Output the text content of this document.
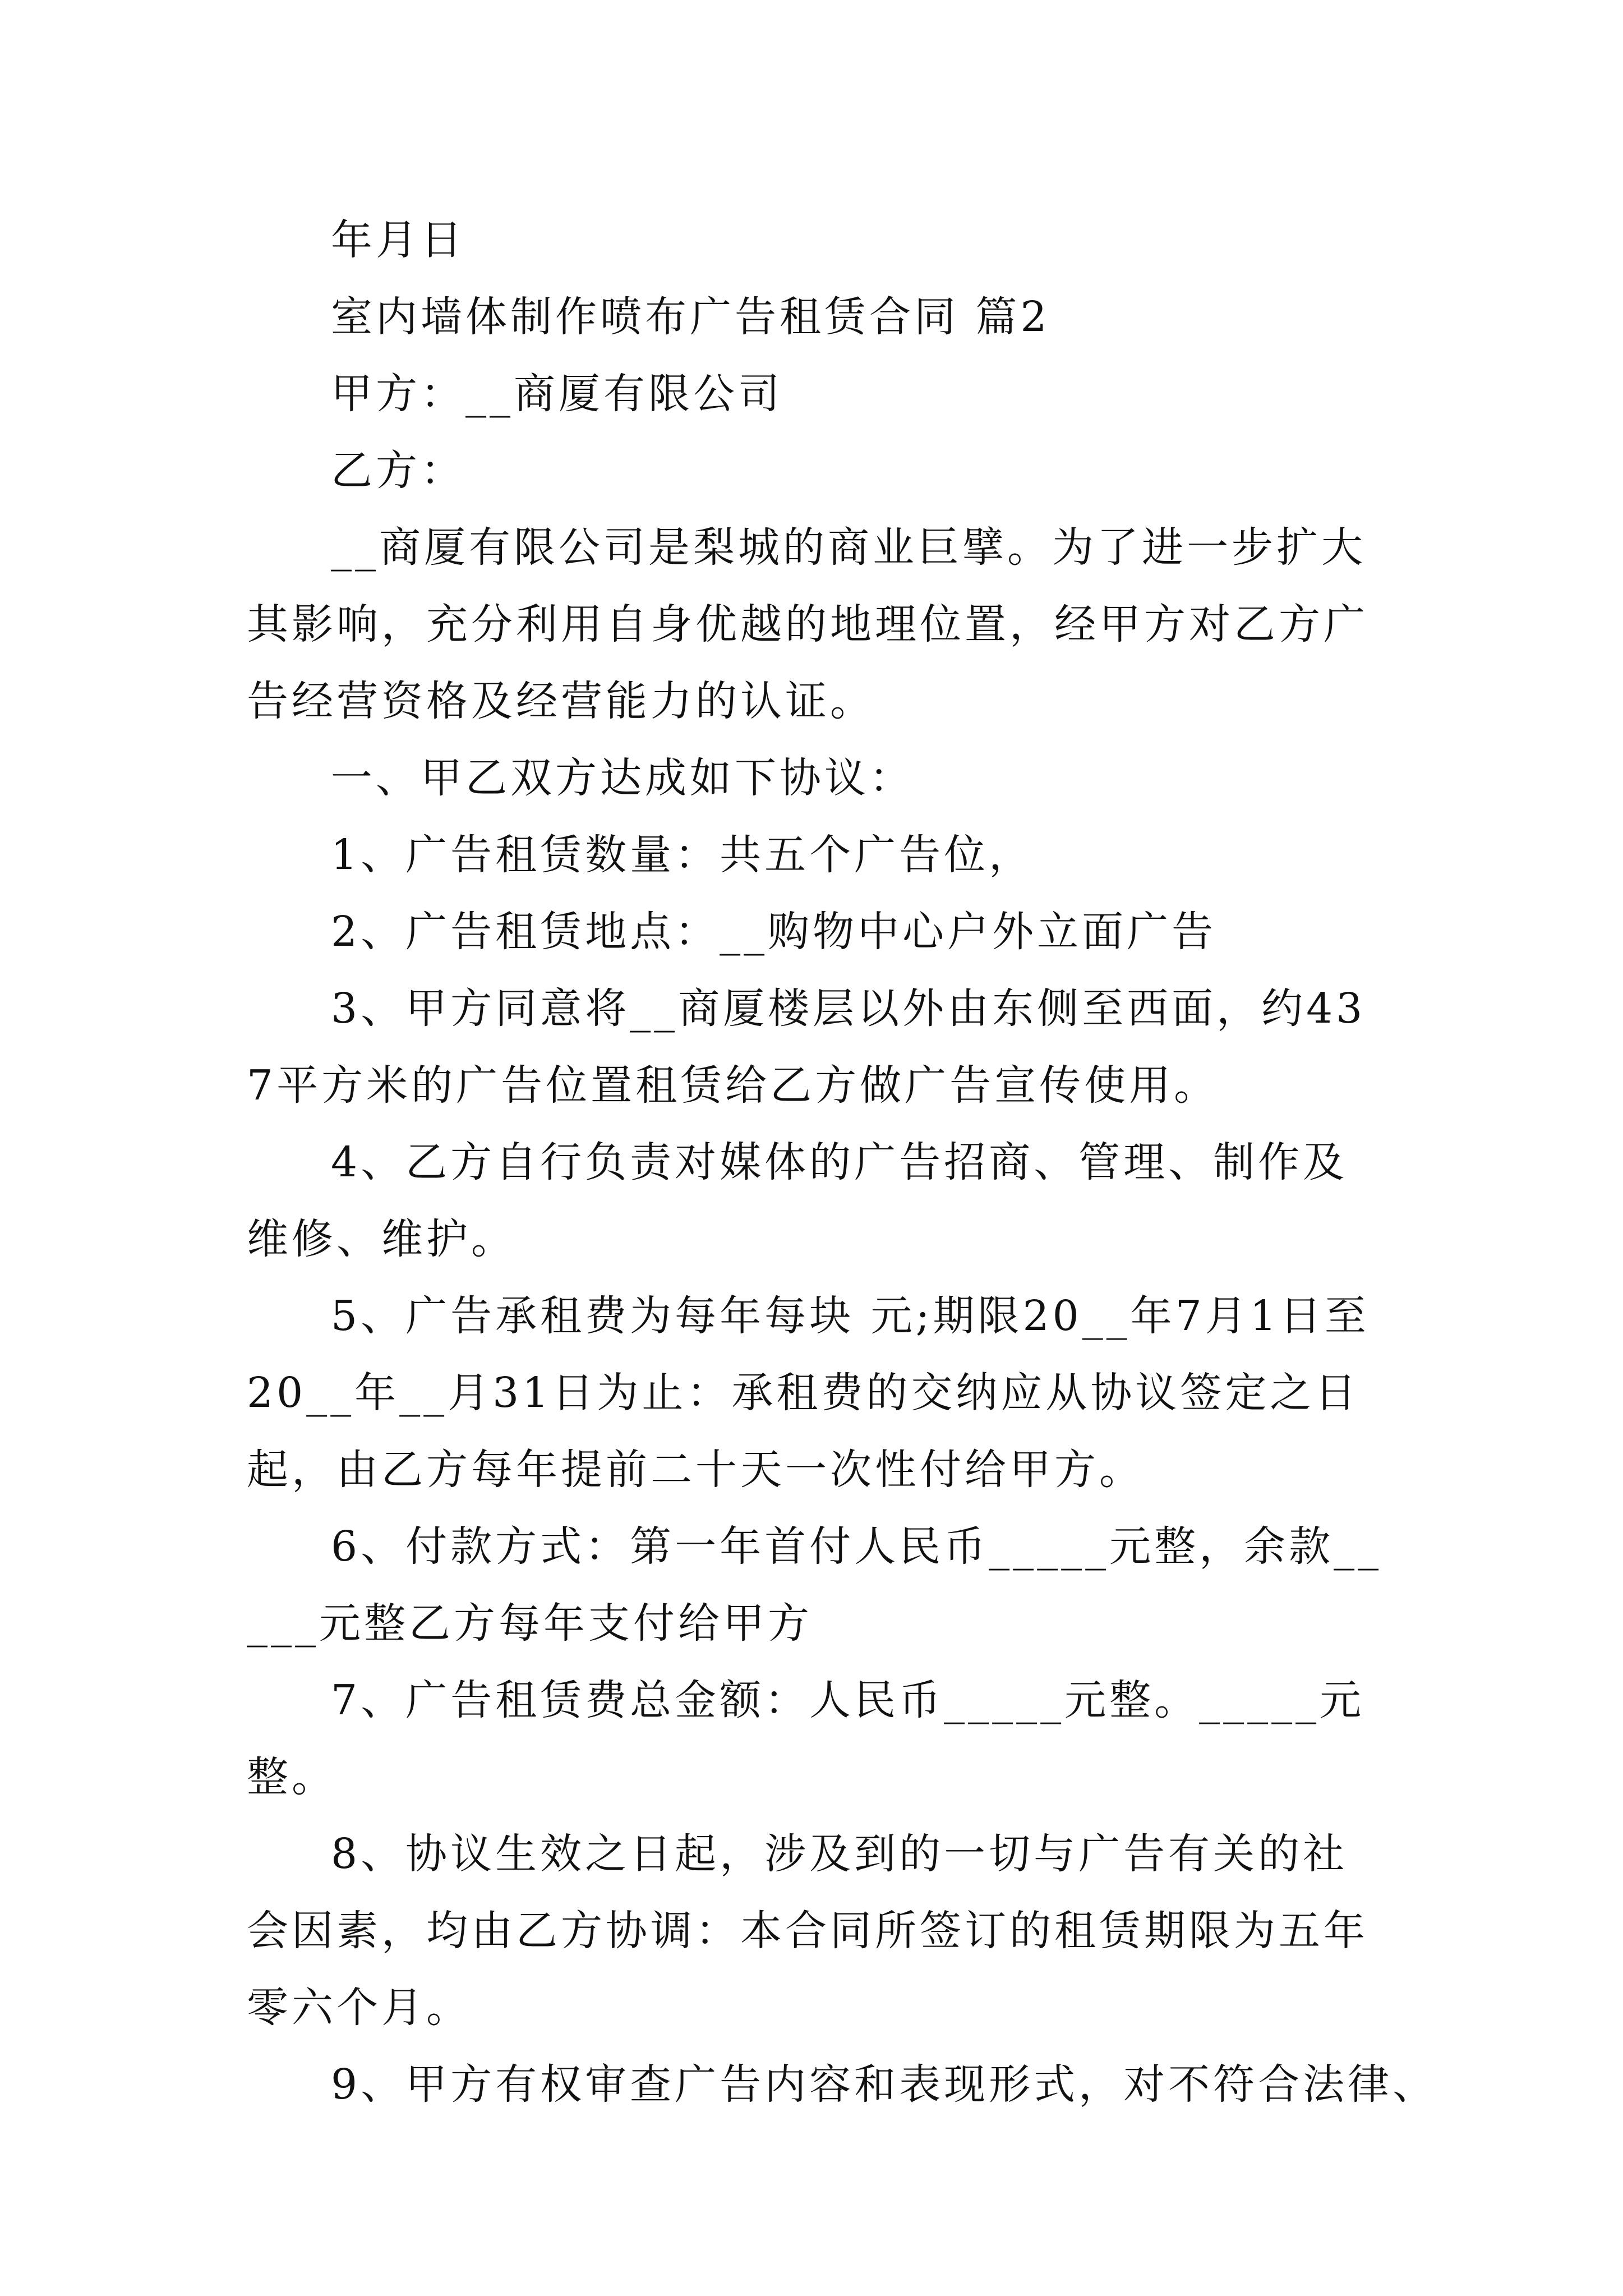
年月日

室内墙体制作喷布广告租赁合同 篇2

甲方：__商厦有限公司

乙方：

__商厦有限公司是梨城的商业巨擘。为了进一步扩大其影响，充分利用自身优越的地理位置，经甲方对乙方广告经营资格及经营能力的认证。

一、甲乙双方达成如下协议：

1、广告租赁数量：共五个广告位，

2、广告租赁地点：__购物中心户外立面广告

3、甲方同意将__商厦楼层以外由东侧至西面，约437平方米的广告位置租赁给乙方做广告宣传使用。

4、乙方自行负责对媒体的广告招商、管理、制作及维修、维护。

5、广告承租费为每年每块 元;期限20__年7月1日至20__年__月31日为止：承租费的交纳应从协议签定之日起，由乙方每年提前二十天一次性付给甲方。

6、付款方式：第一年首付人民币_____元整，余款_____元整乙方每年支付给甲方

7、广告租赁费总金额：人民币_____元整。_____元整。

8、协议生效之日起，涉及到的一切与广告有关的社会因素，均由乙方协调：本合同所签订的租赁期限为五年零六个月。

9、甲方有权审查广告内容和表现形式，对不符合法律、
